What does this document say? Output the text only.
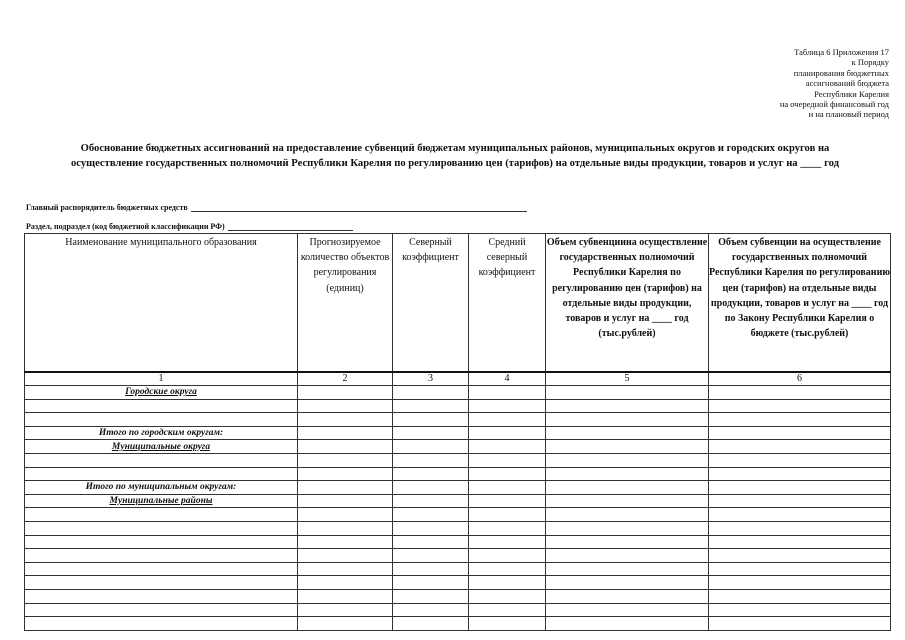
Таблица 6 Приложения 17
к Порядку
планирования бюджетных
ассигнований бюджета
Республики Карелия
на очередной финансовый год
и на плановый период
Обоснование бюджетных ассигнований на предоставление субвенций бюджетам муниципальных районов, муниципальных округов и городских округов на
осуществление государственных полномочий Республики Карелия по регулированию цен (тарифов) на отдельные виды продукции, товаров и услуг на ____ год
Главный распорядитель бюджетных средств
Раздел, подраздел (код бюджетной классификации РФ)
Наименование муниципального образования	Прогнозируемое количество объектов регулирования (единиц)	Северный коэффициент	Средний северный коэффициент	Объем субвенциина осуществление государственных полномочий Республики Карелия по регулированию цен (тарифов) на отдельные виды продукции, товаров и услуг на ____ год (тыс.рублей)	Объем субвенции на осуществление государственных полномочий Республики Карелия по регулированию цен (тарифов) на отдельные виды продукции, товаров и услуг на ____ год по Закону Республики Карелия о бюджете (тыс.рублей)
1	2	3	4	5	6
Городские округа					

Итого по городским округам:					
Муниципальные округа					

Итого по муниципальным округам:					
Муниципальные районы					
